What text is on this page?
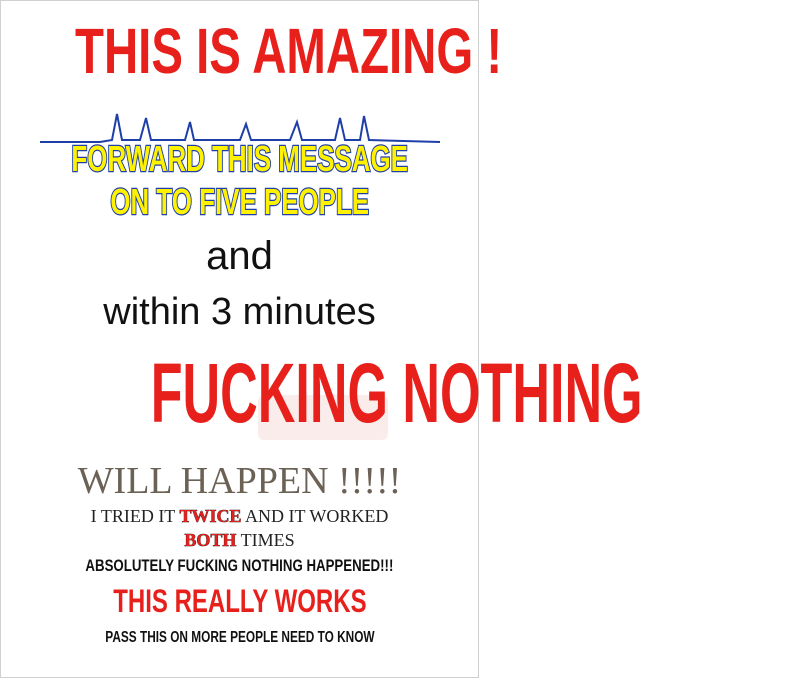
THIS IS AMAZING !
FORWARD THIS MESSAGE
ON TO FIVE PEOPLE
and
within 3 minutes
FUCKING NOTHING
WILL HAPPEN !!!!!
I TRIED IT TWICE AND IT WORKED
BOTH TIMES
ABSOLUTELY FUCKING NOTHING HAPPENED!!!
THIS REALLY WORKS
PASS THIS ON MORE PEOPLE NEED TO KNOW
